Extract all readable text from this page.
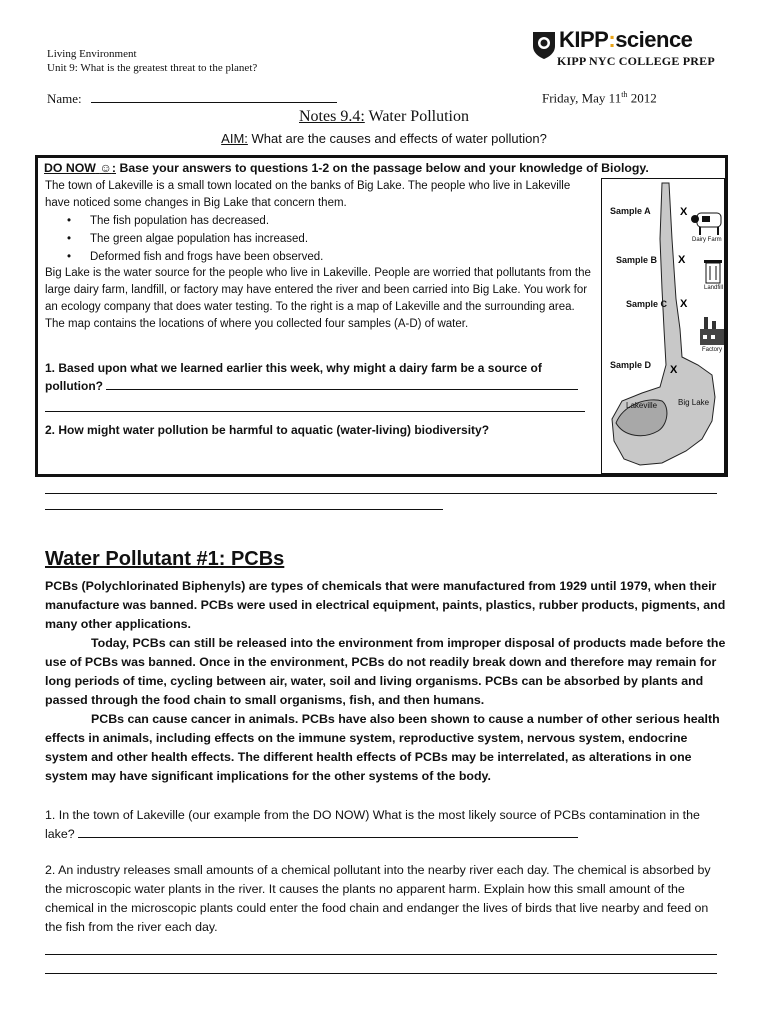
Living Environment
Unit 9: What is the greatest threat to the planet?
Name:	Friday, May 11th 2012
KIPP:science
KIPP NYC COLLEGE PREP
Notes 9.4: Water Pollution
AIM: What are the causes and effects of water pollution?
DO NOW ☺: Base your answers to questions 1-2 on the passage below and your knowledge of Biology.
The town of Lakeville is a small town located on the banks of Big Lake. The people who live in Lakeville have noticed some changes in Big Lake that concern them.
• The fish population has decreased.
• The green algae population has increased.
• Deformed fish and frogs have been observed.
Big Lake is the water source for the people who live in Lakeville. People are worried that pollutants from the large dairy farm, landfill, or factory may have entered the river and been carried into Big Lake. You work for an ecology company that does water testing. To the right is a map of Lakeville and the surrounding area. The map contains the locations of where you collected four samples (A-D) of water.
1. Based upon what we learned earlier this week, why might a dairy farm be a source of pollution?
2. How might water pollution be harmful to aquatic (water-living) biodiversity?
X
X
X
X
Sample A
Sample B
Sample C
Sample D
Dairy Farm
Landfill
Factory
Lakeville	Big Lake
Water Pollutant #1: PCBs
PCBs (Polychlorinated Biphenyls) are types of chemicals that were manufactured from 1929 until 1979, when their manufacture was banned. PCBs were used in electrical equipment, paints, plastics, rubber products, pigments, and many other applications.
Today, PCBs can still be released into the environment from improper disposal of products made before the use of PCBs was banned. Once in the environment, PCBs do not readily break down and therefore may remain for long periods of time, cycling between air, water, soil and living organisms. PCBs can be absorbed by plants and passed through the food chain to small organisms, fish, and then humans.
PCBs can cause cancer in animals. PCBs have also been shown to cause a number of other serious health effects in animals, including effects on the immune system, reproductive system, nervous system, endocrine system and other health effects. The different health effects of PCBs may be interrelated, as alterations in one system may have significant implications for the other systems of the body.
1. In the town of Lakeville (our example from the DO NOW) What is the most likely source of PCBs contamination in the lake?
2. An industry releases small amounts of a chemical pollutant into the nearby river each day. The chemical is absorbed by the microscopic water plants in the river. It causes the plants no apparent harm. Explain how this small amount of the chemical in the microscopic plants could enter the food chain and endanger the lives of birds that live nearby and feed on the fish from the river each day.
